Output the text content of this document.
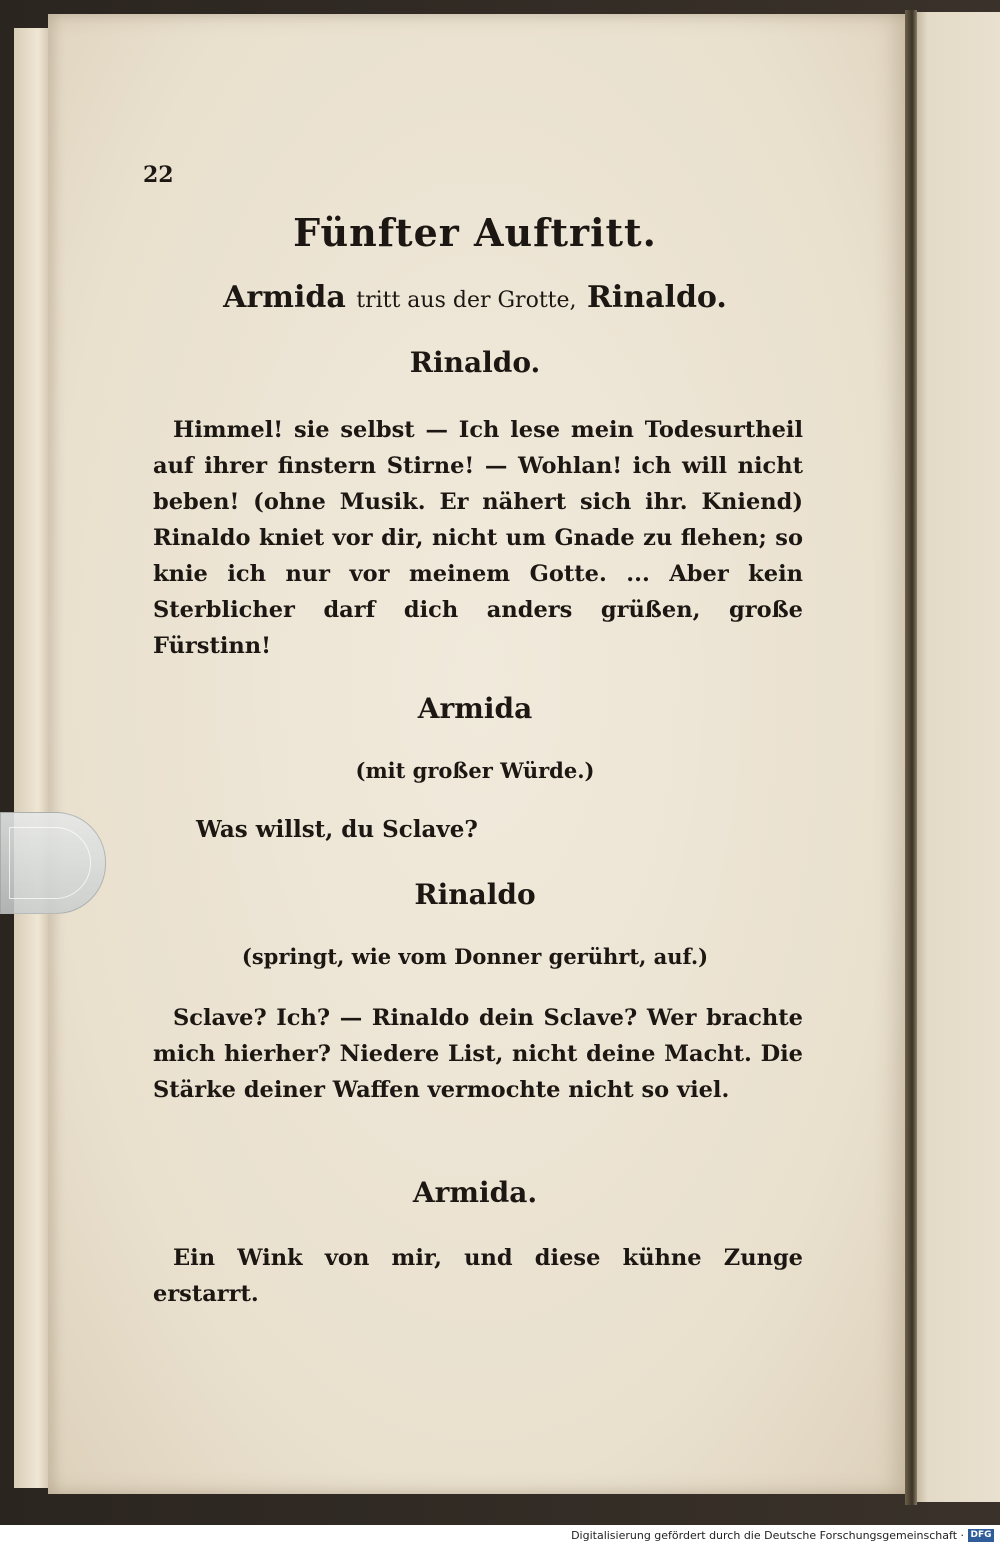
22
Fünfter Auftritt.
Armida tritt aus der Grotte, Rinaldo.
Rinaldo.
Himmel! sie selbst — Ich lese mein Todesurtheil auf ihrer finstern Stirne! — Wohlan! ich will nicht beben! (ohne Musik. Er nähert sich ihr. Kniend) Rinaldo kniet vor dir, nicht um Gnade zu flehen; so knie ich nur vor meinem Gotte. ... Aber kein Sterblicher darf dich anders grüßen, große Fürstinn!
Armida
(mit großer Würde.)
Was willst, du Sclave?
Rinaldo
(springt, wie vom Donner gerührt, auf.)
Sclave? Ich? — Rinaldo dein Sclave? Wer brachte mich hierher? Niedere List, nicht deine Macht. Die Stärke deiner Waffen vermochte nicht so viel.
Armida.
Ein Wink von mir, und diese kühne Zunge erstarrt.
Digitalisierung gefördert durch die Deutsche Forschungsgemeinschaft · DFG
